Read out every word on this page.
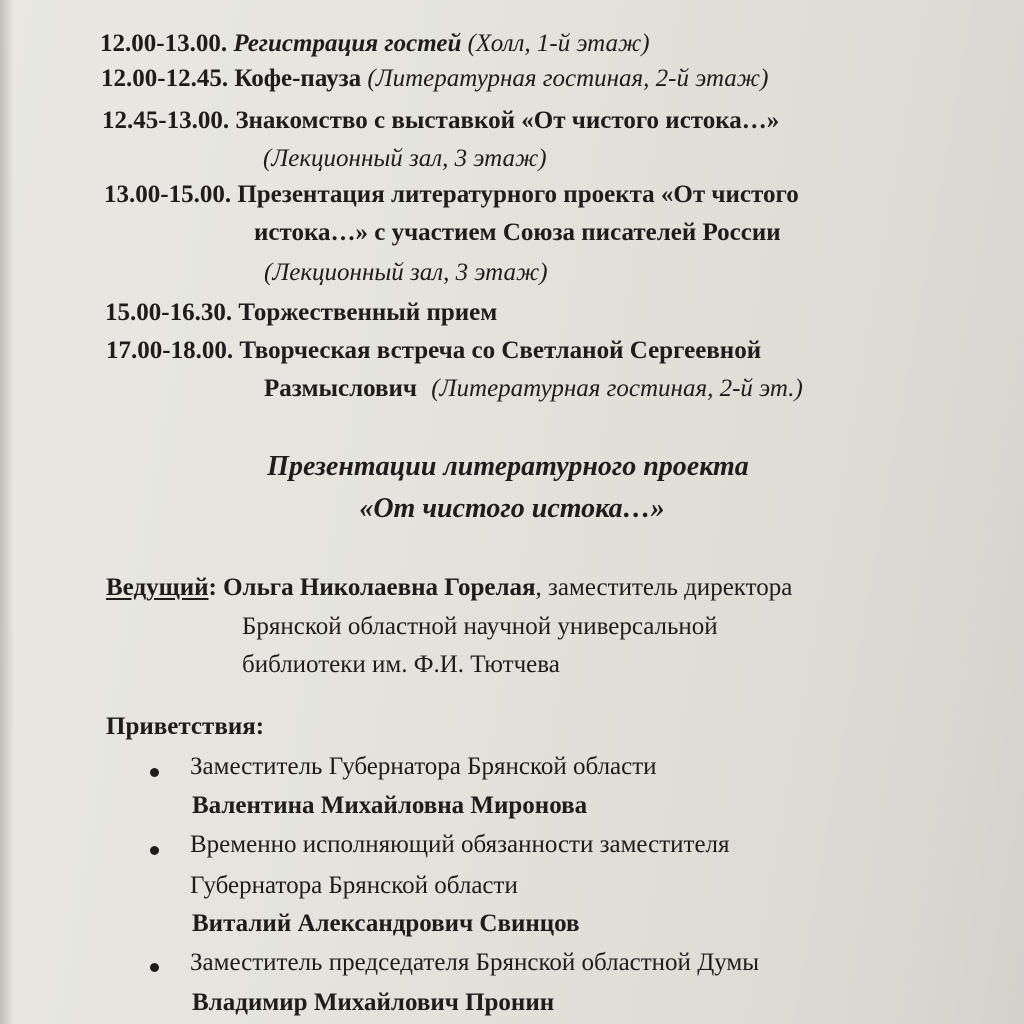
12.00-13.00. Регистрация гостей (Холл, 1-й этаж)
12.00-12.45. Кофе-пауза (Литературная гостиная, 2-й этаж)
12.45-13.00. Знакомство с выставкой «От чистого истока…»
(Лекционный зал, 3 этаж)
13.00-15.00. Презентация литературного проекта «От чистого
истока…» с участием Союза писателей России
(Лекционный зал, 3 этаж)
15.00-16.30. Торжественный прием
17.00-18.00. Творческая встреча со Светланой Сергеевной
Размыслович (Литературная гостиная, 2-й эт.)
Презентации литературного проекта
«От чистого истока…»
Ведущий: Ольга Николаевна Горелая, заместитель директора
Брянской областной научной универсальной
библиотеки им. Ф.И. Тютчева
Приветствия:
Заместитель Губернатора Брянской области
Валентина Михайловна Миронова
Временно исполняющий обязанности заместителя
Губернатора Брянской области
Виталий Александрович Свинцов
Заместитель председателя Брянской областной Думы
Владимир Михайлович Пронин
